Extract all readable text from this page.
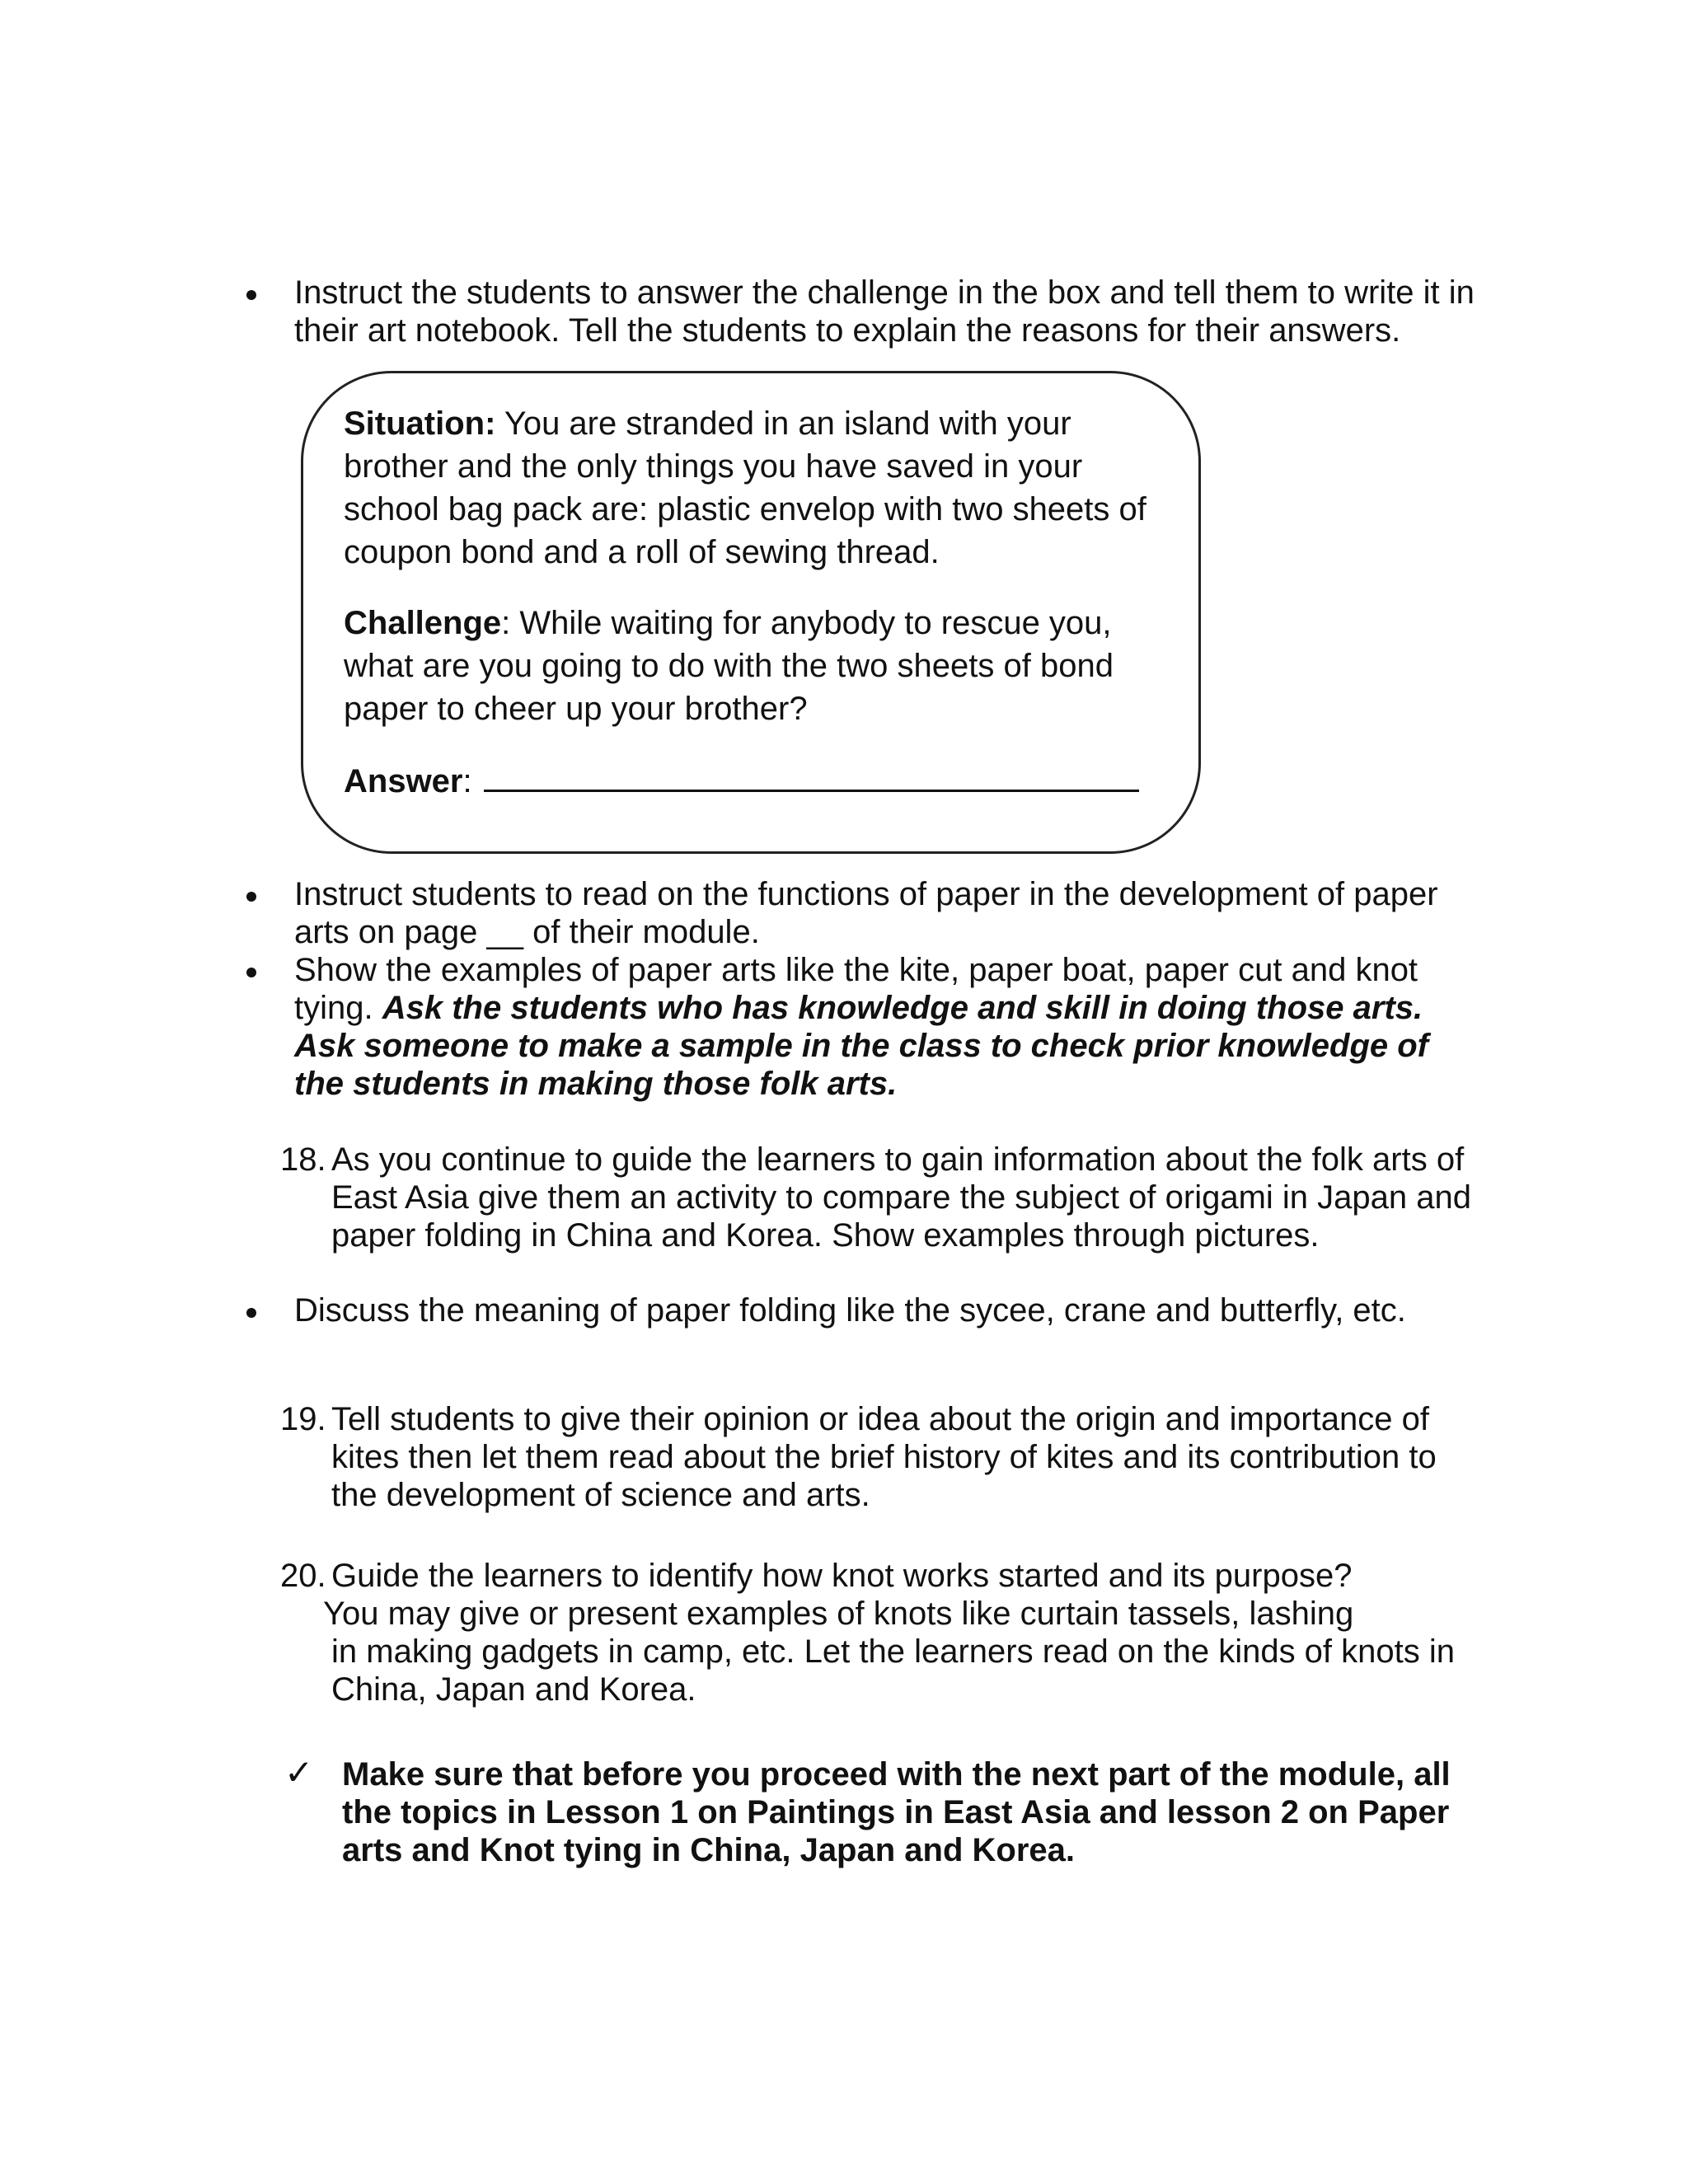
Instruct the students to answer the challenge in the box and tell them to write it in
their art notebook. Tell the students to explain the reasons for their answers.
Situation: You are stranded in an island with your
brother and the only things you have saved in your
school bag pack are: plastic envelop with two sheets of
coupon bond and a roll of sewing thread.
Challenge: While waiting for anybody to rescue you,
what are you going to do with the two sheets of bond
paper to cheer up your brother?
Answer:
Instruct students to read on the functions of paper in the development of paper
arts on page __ of their module.
Show the examples of paper arts like the kite, paper boat, paper cut and knot
tying. Ask the students who has knowledge and skill in doing those arts.
Ask someone to make a sample in the class to check prior knowledge of
the students in making those folk arts.
18. As you continue to guide the learners to gain information about the folk arts of
East Asia give them an activity to compare the subject of origami in Japan and
paper folding in China and Korea. Show examples through pictures.
Discuss the meaning of paper folding like the sycee, crane and butterfly, etc.
19. Tell students to give their opinion or idea about the origin and importance of
kites then let them read about the brief history of kites and its contribution to
the development of science and arts.
20. Guide the learners to identify how knot works started and its purpose?
You may give or present examples of knots like curtain tassels, lashing
in making gadgets in camp, etc. Let the learners read on the kinds of knots in
China, Japan and Korea.
✓ Make sure that before you proceed with the next part of the module, all
the topics in Lesson 1 on Paintings in East Asia and lesson 2 on Paper
arts and Knot tying in China, Japan and Korea.
